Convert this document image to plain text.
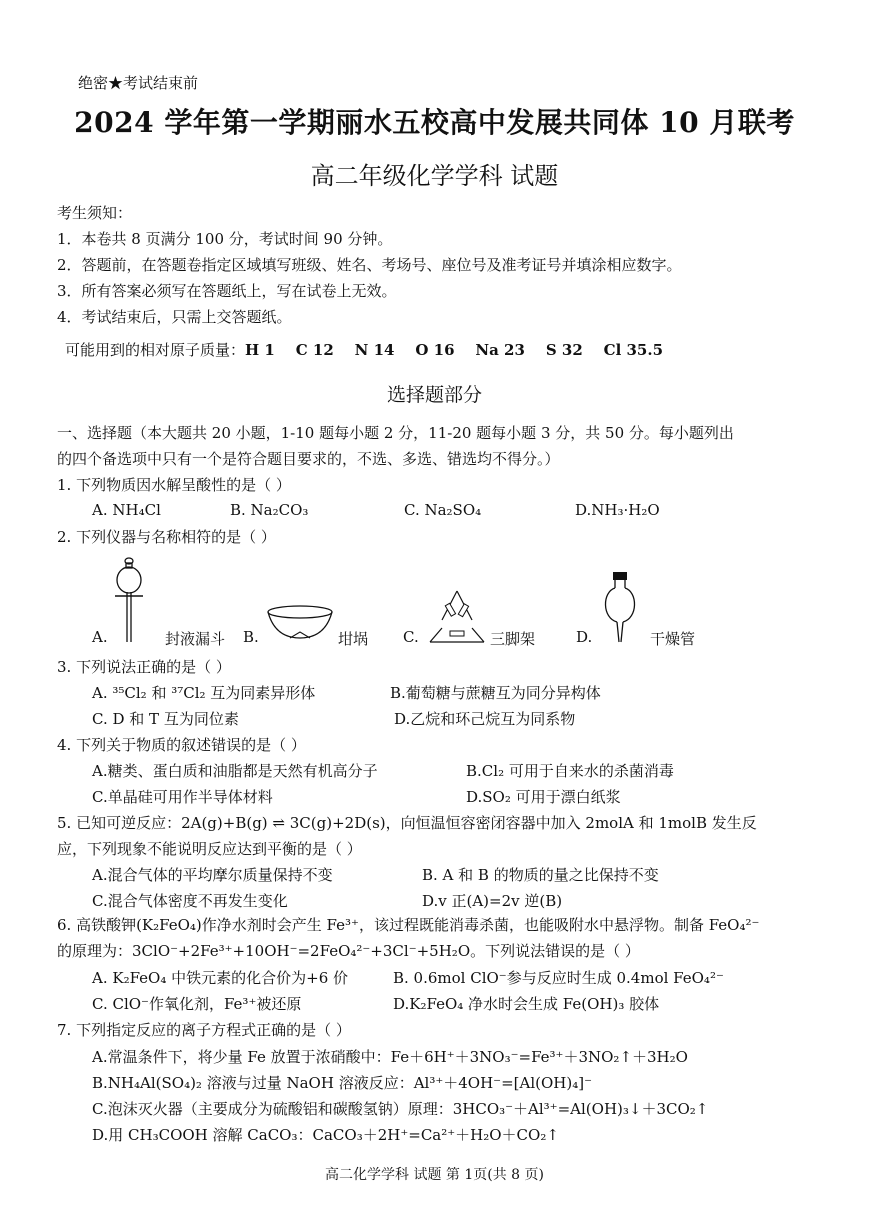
绝密★考试结束前
2024 学年第一学期丽水五校高中发展共同体 10 月联考
高二年级化学学科 试题
考生须知：
1．本卷共 8 页满分 100 分，考试时间 90 分钟。
2．答题前，在答题卷指定区域填写班级、姓名、考场号、座位号及准考证号并填涂相应数字。
3．所有答案必须写在答题纸上，写在试卷上无效。
4．考试结束后，只需上交答题纸。
可能用到的相对原子质量：H 1    C 12    N 14    O 16    Na 23    S 32    Cl 35.5
选择题部分
一、选择题（本大题共 20 小题，1-10 题每小题 2 分，11-20 题每小题 3 分，共 50 分。每小题列出
的四个备选项中只有一个是符合题目要求的，不选、多选、错选均不得分。）
1. 下列物质因水解呈酸性的是（ ）
A. NH₄Cl	B. Na₂CO₃	C. Na₂SO₄	D.NH₃·H₂O
2. 下列仪器与名称相符的是（ ）
A.	封液漏斗 B.	坩埚 C.	三脚架	D.	干燥管
3. 下列说法正确的是（ ）
A. ³⁵Cl₂ 和 ³⁷Cl₂ 互为同素异形体	B.葡萄糖与蔗糖互为同分异构体
C. D 和 T 互为同位素	D.乙烷和环己烷互为同系物
4. 下列关于物质的叙述错误的是（ ）
A.糖类、蛋白质和油脂都是天然有机高分子	B.Cl₂ 可用于自来水的杀菌消毒
C.单晶硅可用作半导体材料	D.SO₂ 可用于漂白纸浆
5. 已知可逆反应：2A(g)+B(g) ⇌ 3C(g)+2D(s)，向恒温恒容密闭容器中加入 2molA 和 1molB 发生反
应，下列现象不能说明反应达到平衡的是（ ）
A.混合气体的平均摩尔质量保持不变	B. A 和 B 的物质的量之比保持不变
C.混合气体密度不再发生变化	D.v 正(A)=2v 逆(B)
6. 高铁酸钾(K₂FeO₄)作净水剂时会产生 Fe³⁺，该过程既能消毒杀菌，也能吸附水中悬浮物。制备 FeO₄²⁻
的原理为：3ClO⁻+2Fe³⁺+10OH⁻=2FeO₄²⁻+3Cl⁻+5H₂O。下列说法错误的是（ ）
A. K₂FeO₄ 中铁元素的化合价为+6 价	B. 0.6mol ClO⁻参与反应时生成 0.4mol FeO₄²⁻
C. ClO⁻作氧化剂，Fe³⁺被还原	D.K₂FeO₄ 净水时会生成 Fe(OH)₃ 胶体
7. 下列指定反应的离子方程式正确的是（ ）
A.常温条件下，将少量 Fe 放置于浓硝酸中：Fe＋6H⁺＋3NO₃⁻=Fe³⁺＋3NO₂↑＋3H₂O
B.NH₄Al(SO₄)₂ 溶液与过量 NaOH 溶液反应：Al³⁺＋4OH⁻=[Al(OH)₄]⁻
C.泡沫灭火器（主要成分为硫酸铝和碳酸氢钠）原理：3HCO₃⁻＋Al³⁺=Al(OH)₃↓＋3CO₂↑
D.用 CH₃COOH 溶解 CaCO₃：CaCO₃＋2H⁺=Ca²⁺＋H₂O＋CO₂↑
高二化学学科 试题 第 1页(共 8 页)
